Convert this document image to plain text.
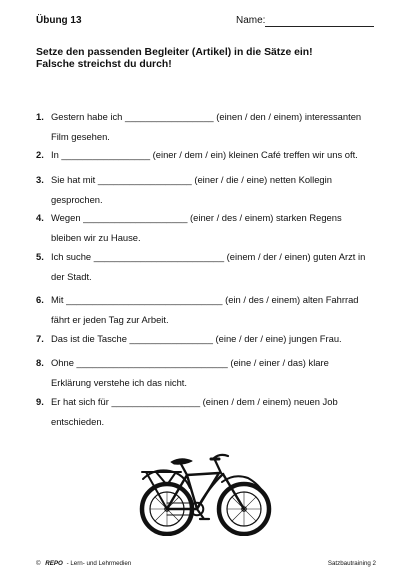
Übung 13	Name:
Setze den passenden Begleiter (Artikel) in die Sätze ein!
Falsche streichst du durch!
1. Gestern habe ich _________________ (einen / den / einem) interessanten
Film gesehen.
2. In _________________ (einer / dem / ein) kleinen Café treffen wir uns oft.
3. Sie hat mit __________________ (einer / die / eine) netten Kollegin
gesprochen.
4. Wegen ____________________ (einer / des / einem) starken Regens
bleiben wir zu Hause.
5. Ich suche _________________________ (einem / der / einen) guten Arzt in
der Stadt.
6. Mit ______________________________ (ein / des / einem) alten Fahrrad
fährt er jeden Tag zur Arbeit.
7. Das ist die Tasche ________________ (eine / der / eine) jungen Frau.
8. Ohne _____________________________ (eine / einer / das) klare
Erklärung verstehe ich das nicht.
9. Er hat sich für _________________ (einen / dem / einem) neuen Job
entschieden.
© REPO - Lern- und Lehrmedien	Satzbautraining 2
